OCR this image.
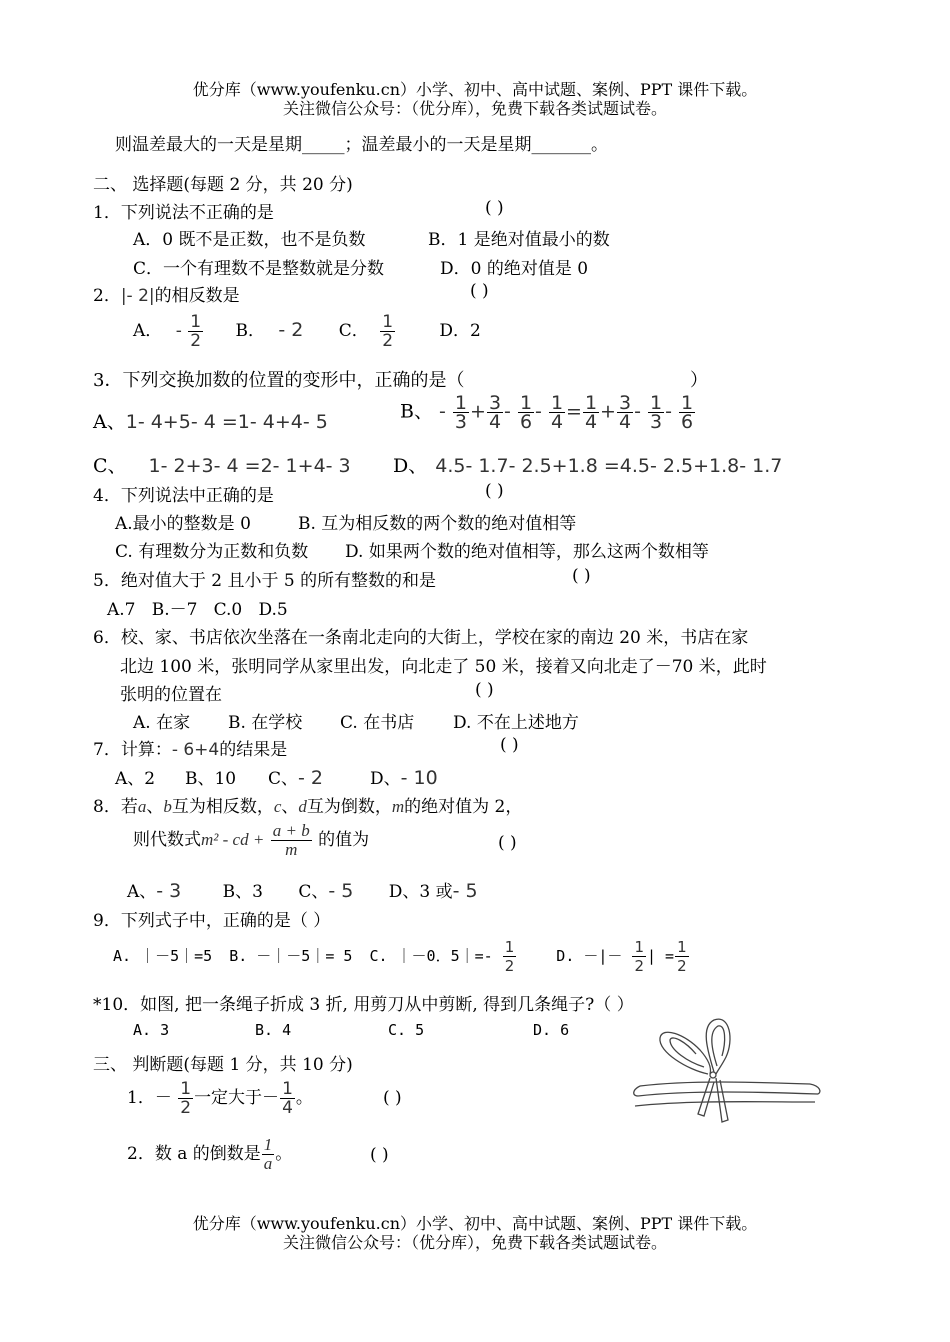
优分库（www.youfenku.cn）小学、初中、高中试题、案例、PPT 课件下载。
关注微信公众号：（优分库），免费下载各类试题试卷。
则温差最大的一天是星期_____；温差最小的一天是星期_______。
二、 选择题(每题 2 分，共 20 分)
1．下列说法不正确的是	( )
A．0 既不是正数，也不是负数	B．1 是绝对值最小的数
C．一个有理数不是整数就是分数	D．0 的绝对值是 0
2．|- 2|的相反数是	( )
A． - $\frac{1}{2}$ B． - 2 C． $\frac{1}{2}$	D．2
3．下列交换加数的位置的变形中，正确的是（	）
A、1- 4+5- 4 =1- 4+4- 5	B、 - $\frac{1}{3} + \frac{3}{4} - \frac{1}{6} - \frac{1}{4} = \frac{1}{4} + \frac{3}{4} - \frac{1}{3} - \frac{1}{6}$
C、 1- 2+3- 4 =2- 1+4- 3 D、 4.5- 1.7- 2.5+1.8 =4.5- 2.5+1.8- 1.7
4．下列说法中正确的是	( )
A.最小的整数是 0	B. 互为相反数的两个数的绝对值相等
C. 有理数分为正数和负数 D. 如果两个数的绝对值相等，那么这两个数相等
5．绝对值大于 2 且小于 5 的所有整数的和是	( )
A.7   B.－7   C.0   D.5
6．校、家、书店依次坐落在一条南北走向的大街上，学校在家的南边 20 米，书店在家
北边 100 米，张明同学从家里出发，向北走了 50 米，接着又向北走了－70 米，此时
张明的位置在	( )
A. 在家 B. 在学校 C. 在书店 D. 不在上述地方
7．计算：- 6+4的结果是	( )
A、2 B、10 C、- 2	D、- 10
8．若a、b互为相反数，c、d互为倒数，m的绝对值为 2，
则代数式m² - cd + $\frac{a + b}{m}$ 的值为	( )
A、- 3 B、3 C、- 5 D、3 或- 5
9．下列式子中，正确的是（ ）
A. ｜－5｜=5 B. －｜－5｜= 5 C. ｜－0．5｜=- $\frac{1}{2}$	D. －|－ $\frac{1}{2}$ | = $\frac{1}{2}$
*10．如图, 把一条绳子折成 3 折, 用剪刀从中剪断, 得到几条绳子?（ ）
A. 3	B. 4	C. 5	D. 6
三、 判断题(每题 1 分，共 10 分)
1．－ $\frac{1}{2}$ 一定大于－ $\frac{1}{4}$ 。	( )
2．数 a 的倒数是 $\frac{1}{a}$ 。	( )
优分库（www.youfenku.cn）小学、初中、高中试题、案例、PPT 课件下载。
关注微信公众号：（优分库），免费下载各类试题试卷。
